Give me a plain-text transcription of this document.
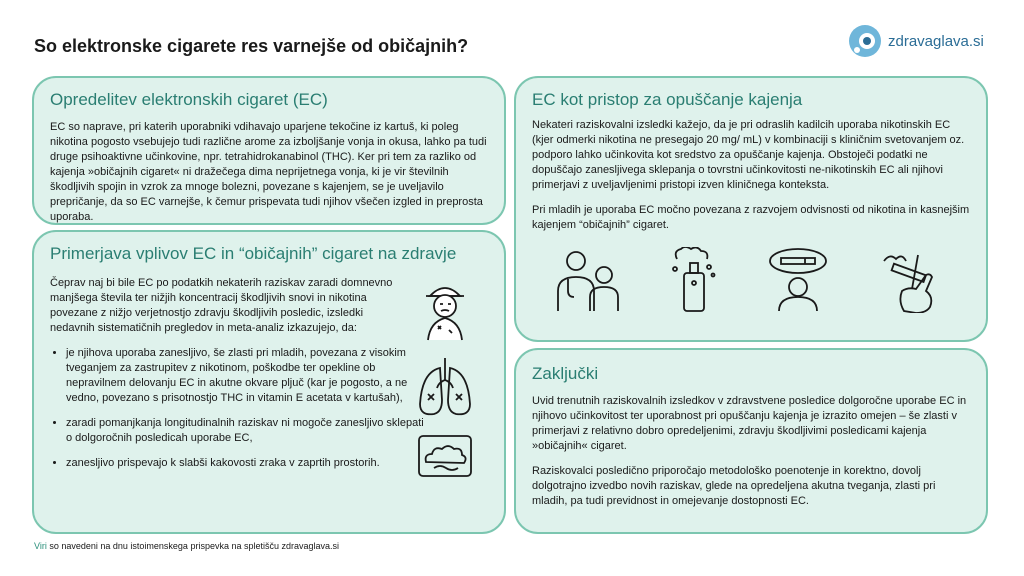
So elektronske cigarete res varnejše od običajnih?	zdravaglava.si
Opredelitev elektronskih cigaret (EC)

EC so naprave, pri katerih uporabniki vdihavajo uparjene tekočine iz kartuš, ki poleg nikotina pogosto vsebujejo tudi različne arome za izboljšanje vonja in okusa, lahko pa tudi druge psihoaktivne učinkovine, npr. tetrahidrokanabinol (THC). Ker pri tem za razliko od kajenja »običajnih cigaret« ni dražečega dima neprijetnega vonja, ki je vir številnih škodljivih spojin in vzrok za mnoge bolezni, povezane s kajenjem, se je uveljavilo prepričanje, da so EC varnejše, k čemur prispevata tudi njihov všečen izgled in preprosta uporaba.

Primerjava vplivov EC in “običajnih” cigaret na zdravje

Čeprav naj bi bile EC po podatkih nekaterih raziskav zaradi domnevno manjšega števila ter nižjih koncentracij škodljivih snovi in nikotina povezane z nižjo verjetnostjo zdravju škodljivih posledic, izsledki nedavnih sistematičnih pregledov in meta-analiz izkazujejo, da:

• je njihova uporaba zanesljivo, še zlasti pri mladih, povezana z visokim tveganjem za zastrupitev z nikotinom, poškodbe ter opekline ob nepravilnem delovanju EC in akutne okvare pljuč (kar je pogosto, a ne vedno, povezano s prisotnostjo THC in vitamin E acetata v kartušah),
• zaradi pomanjkanja longitudinalnih raziskav ni mogoče zanesljivo sklepati o dolgoročnih posledicah uporabe EC,
• zanesljivo prispevajo k slabši kakovosti zraka v zaprtih prostorih.
EC kot pristop za opuščanje kajenja

Nekateri raziskovalni izsledki kažejo, da je pri odraslih kadilcih uporaba nikotinskih EC (kjer odmerki nikotina ne presegajo 20 mg/ mL) v kombinaciji s kliničnim svetovanjem oz. podporo lahko učinkovita kot sredstvo za opuščanje kajenja. Obstoječi podatki ne dopuščajo zanesljivega sklepanja o tovrstni učinkovitosti ne-nikotinskih EC ali njihovi primerjavi z uveljavljenimi pristopi izven kliničnega konteksta.

Pri mladih je uporaba EC močno povezana z razvojem odvisnosti od nikotina in kasnejšim kajenjem “običajnih” cigaret.

Zaključki

Uvid trenutnih raziskovalnih izsledkov v zdravstvene posledice dolgoročne uporabe EC in njihovo učinkovitost ter uporabnost pri opuščanju kajenja je izrazito omejen – še zlasti v primerjavi z relativno dobro opredeljenimi, zdravju škodljivimi posledicami kajenja »običajnih« cigaret.

Raziskovalci posledično priporočajo metodološko poenotenje in korektno, dovolj dolgotrajno izvedbo novih raziskav, glede na opredeljena akutna tveganja, zlasti pri mladih, pa tudi previdnost in omejevanje dostopnosti EC.

Viri so navedeni na dnu istoimenskega prispevka na spletišču zdravaglava.si
